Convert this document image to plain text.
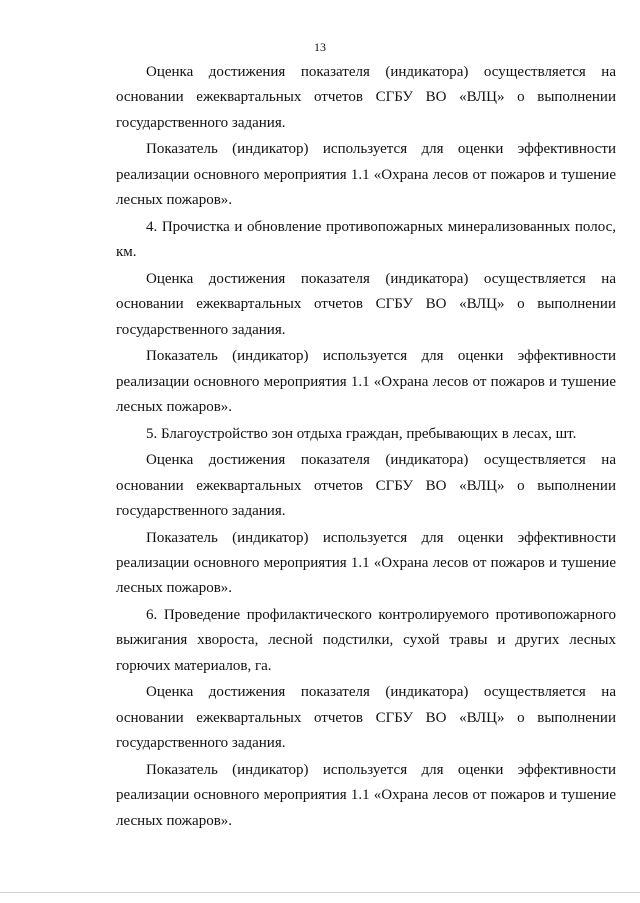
13

Оценка достижения показателя (индикатора) осуществляется на основании ежеквартальных отчетов СГБУ ВО «ВЛЦ» о выполнении государственного задания.

Показатель (индикатор) используется для оценки эффективности реализации основного мероприятия 1.1 «Охрана лесов от пожаров и тушение лесных пожаров».

4. Прочистка и обновление противопожарных минерализованных полос, км.

Оценка достижения показателя (индикатора) осуществляется на основании ежеквартальных отчетов СГБУ ВО «ВЛЦ» о выполнении государственного задания.

Показатель (индикатор) используется для оценки эффективности реализации основного мероприятия 1.1 «Охрана лесов от пожаров и тушение лесных пожаров».

5. Благоустройство зон отдыха граждан, пребывающих в лесах, шт.

Оценка достижения показателя (индикатора) осуществляется на основании ежеквартальных отчетов СГБУ ВО «ВЛЦ» о выполнении государственного задания.

Показатель (индикатор) используется для оценки эффективности реализации основного мероприятия 1.1 «Охрана лесов от пожаров и тушение лесных пожаров».

6. Проведение профилактического контролируемого противопожарного выжигания хвороста, лесной подстилки, сухой травы и других лесных горючих материалов, га.

Оценка достижения показателя (индикатора) осуществляется на основании ежеквартальных отчетов СГБУ ВО «ВЛЦ» о выполнении государственного задания.

Показатель (индикатор) используется для оценки эффективности реализации основного мероприятия 1.1 «Охрана лесов от пожаров и тушение лесных пожаров».
